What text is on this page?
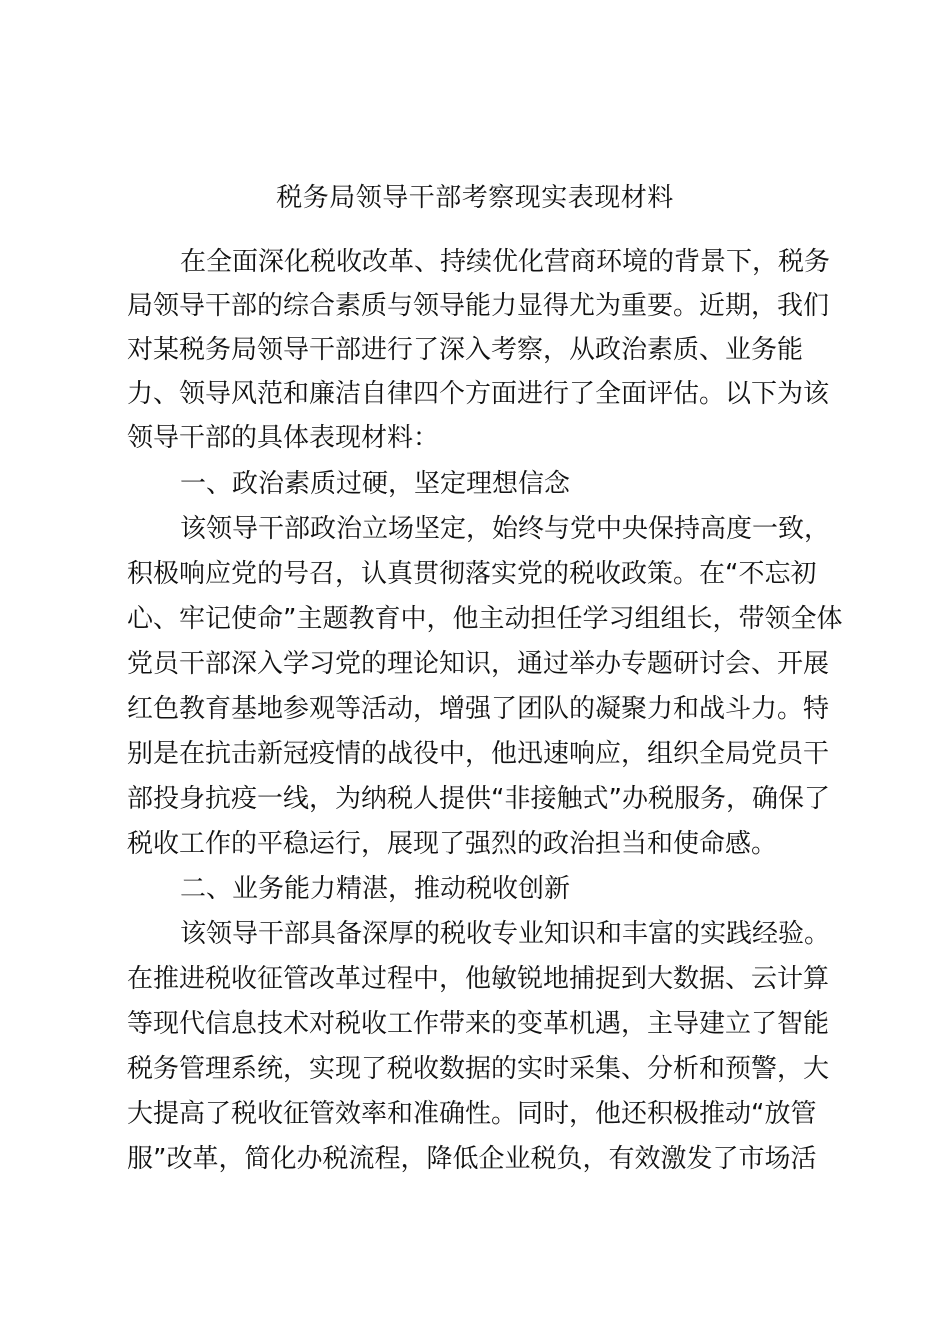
税务局领导干部考察现实表现材料
在全面深化税收改革、持续优化营商环境的背景下，税务
局领导干部的综合素质与领导能力显得尤为重要。近期，我们
对某税务局领导干部进行了深入考察，从政治素质、业务能
力、领导风范和廉洁自律四个方面进行了全面评估。以下为该
领导干部的具体表现材料：
一、政治素质过硬，坚定理想信念
该领导干部政治立场坚定，始终与党中央保持高度一致，
积极响应党的号召，认真贯彻落实党的税收政策。在“不忘初
心、牢记使命”主题教育中，他主动担任学习组组长，带领全体
党员干部深入学习党的理论知识，通过举办专题研讨会、开展
红色教育基地参观等活动，增强了团队的凝聚力和战斗力。特
别是在抗击新冠疫情的战役中，他迅速响应，组织全局党员干
部投身抗疫一线，为纳税人提供“非接触式”办税服务，确保了
税收工作的平稳运行，展现了强烈的政治担当和使命感。
二、业务能力精湛，推动税收创新
该领导干部具备深厚的税收专业知识和丰富的实践经验。
在推进税收征管改革过程中，他敏锐地捕捉到大数据、云计算
等现代信息技术对税收工作带来的变革机遇，主导建立了智能
税务管理系统，实现了税收数据的实时采集、分析和预警，大
大提高了税收征管效率和准确性。同时，他还积极推动“放管
服”改革，简化办税流程，降低企业税负，有效激发了市场活
